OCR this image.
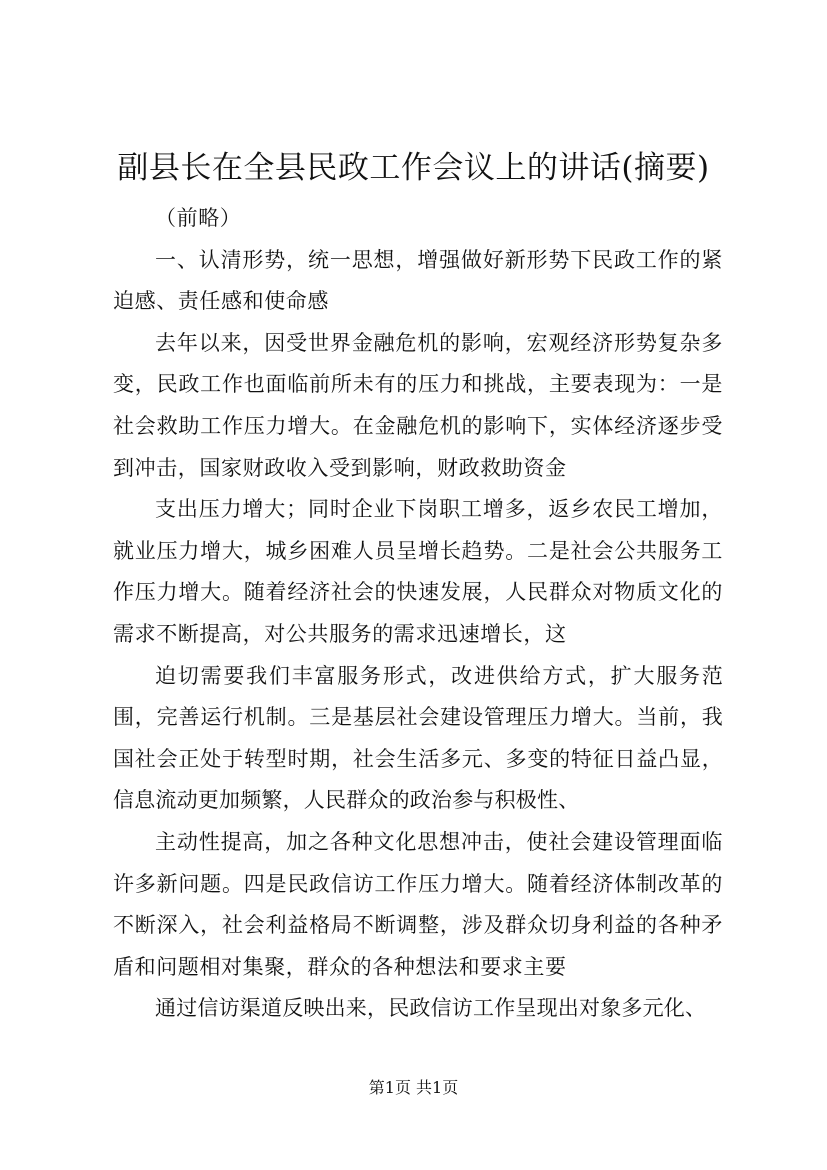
副县长在全县民政工作会议上的讲话(摘要)

（前略）

一、认清形势，统一思想，增强做好新形势下民政工作的紧迫感、责任感和使命感

去年以来，因受世界金融危机的影响，宏观经济形势复杂多变，民政工作也面临前所未有的压力和挑战，主要表现为：一是社会救助工作压力增大。在金融危机的影响下，实体经济逐步受到冲击，国家财政收入受到影响，财政救助资金

支出压力增大；同时企业下岗职工增多，返乡农民工增加，就业压力增大，城乡困难人员呈增长趋势。二是社会公共服务工作压力增大。随着经济社会的快速发展，人民群众对物质文化的需求不断提高，对公共服务的需求迅速增长，这

迫切需要我们丰富服务形式，改进供给方式，扩大服务范围，完善运行机制。三是基层社会建设管理压力增大。当前，我国社会正处于转型时期，社会生活多元、多变的特征日益凸显，信息流动更加频繁，人民群众的政治参与积极性、

主动性提高，加之各种文化思想冲击，使社会建设管理面临许多新问题。四是民政信访工作压力增大。随着经济体制改革的不断深入，社会利益格局不断调整，涉及群众切身利益的各种矛盾和问题相对集聚，群众的各种想法和要求主要

通过信访渠道反映出来，民政信访工作呈现出对象多元化、

第1页 共1页
